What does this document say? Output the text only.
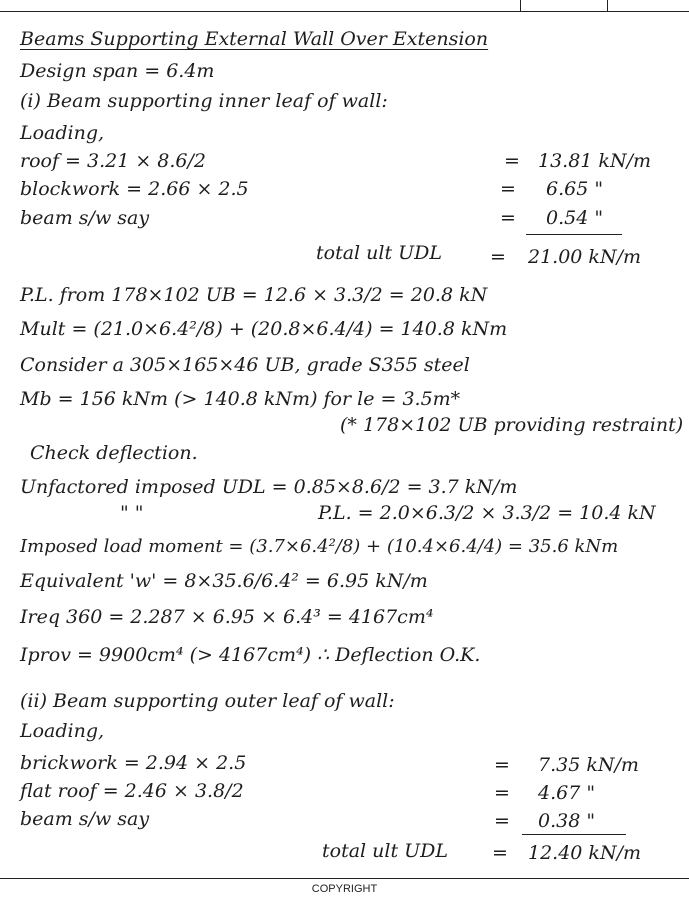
Beams Supporting External Wall Over Extension
Design span = 6.4m
(i) Beam supporting inner leaf of wall:
Loading,
roof = 3.21 × 8.6/2	= 13.81 kN/m
blockwork = 2.66 × 2.5	= 6.65 "
beam s/w say	= 0.54 "
total ult UDL	= 21.00 kN/m
P.L. from 178×102 UB = 12.6 × 3.3/2 = 20.8 kN
Mult = (21.0×6.4²/8) + (20.8×6.4/4) = 140.8 kNm
Consider a 305×165×46 UB, grade S355 steel
Mb = 156 kNm (> 140.8 kNm) for le = 3.5m*
(* 178×102 UB providing restraint)
Check deflection.
Unfactored imposed UDL = 0.85×8.6/2 = 3.7 kN/m
" "	P.L. = 2.0×6.3/2 × 3.3/2 = 10.4 kN
Imposed load moment = (3.7×6.4²/8) + (10.4×6.4/4) = 35.6 kNm
Equivalent 'w' = 8×35.6/6.4² = 6.95 kN/m
Ireq 360 = 2.287 × 6.95 × 6.4³ = 4167cm⁴
Iprov = 9900cm⁴ (> 4167cm⁴) ∴ Deflection O.K.
(ii) Beam supporting outer leaf of wall:
Loading,
brickwork = 2.94 × 2.5	= 7.35 kN/m
flat roof = 2.46 × 3.8/2	= 4.67 "
beam s/w say	= 0.38 "
total ult UDL = 12.40 kN/m
COPYRIGHT
